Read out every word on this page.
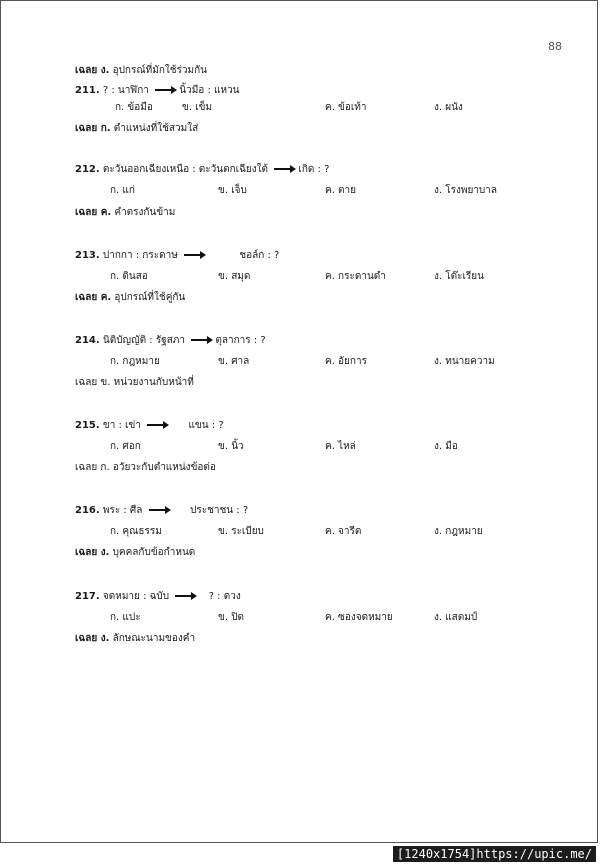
88
เฉลย ง. อุปกรณ์ที่มักใช้ร่วมกัน
211. ? : นาฬิกา	นิ้วมือ : แหวน
ก. ข้อมือ	ข. เข็ม	ค. ข้อเท้า	ง. ผนัง
เฉลย ก. ตำแหน่งที่ใช้สวมใส่
212. ตะวันออกเฉียงเหนือ : ตะวันตกเฉียงใต้	เกิด : ?
ก. แก่	ข. เจ็บ	ค. ตาย	ง. โรงพยาบาล
เฉลย ค. คำตรงกันข้าม
213. ปากกา : กระดาษ	ชอล์ก : ?
ก. ดินสอ	ข. สมุด	ค. กระดานดำ	ง. โต๊ะเรียน
เฉลย ค. อุปกรณ์ที่ใช้คู่กัน
214. นิติบัญญัติ : รัฐสภา	ตุลาการ : ?
ก. กฎหมาย	ข. ศาล	ค. อัยการ	ง. ทนายความ
เฉลย ข. หน่วยงานกับหน้าที่
215. ขา : เข่า	แขน : ?
ก. ศอก	ข. นิ้ว	ค. ไหล่	ง. มือ
เฉลย ก. อวัยวะกับตำแหน่งข้อต่อ
216. พระ : ศีล	ประชาชน : ?
ก. คุณธรรม	ข. ระเบียบ	ค. จารีต	ง. กฎหมาย
เฉลย ง. บุคคลกับข้อกำหนด
217. จดหมาย : ฉบับ	? : ดวง
ก. แปะ	ข. ปิด	ค. ซองจดหมาย	ง. แสตมป์
เฉลย ง. ลักษณะนามของคำ
[1240x1754]https://upic.me/
